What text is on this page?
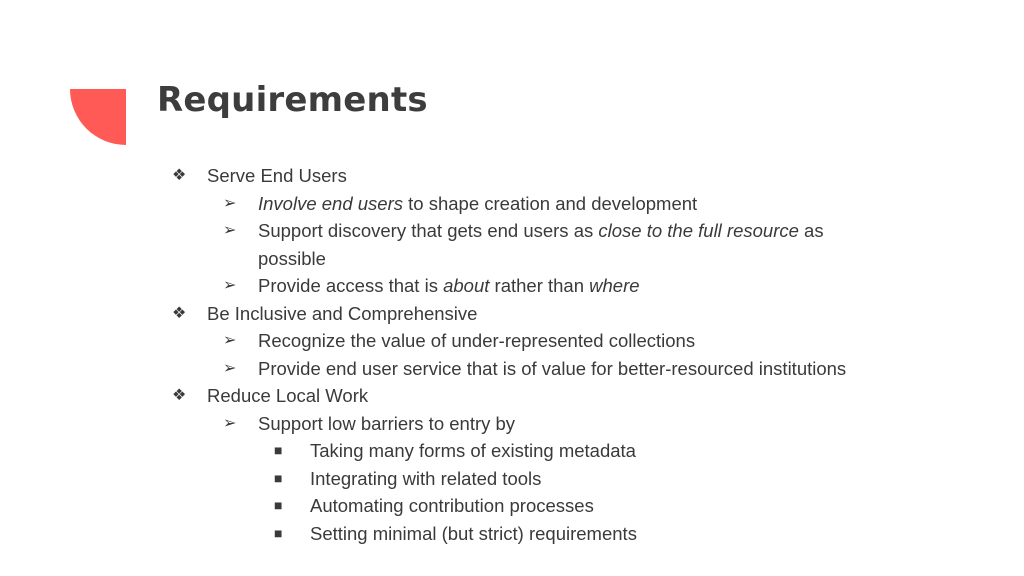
Requirements
❖ Serve End Users
➢ Involve end users to shape creation and development
➢ Support discovery that gets end users as close to the full resource as
possible
➢ Provide access that is about rather than where
❖ Be Inclusive and Comprehensive
➢ Recognize the value of under-represented collections
➢ Provide end user service that is of value for better-resourced institutions
❖ Reduce Local Work
➢ Support low barriers to entry by
■ Taking many forms of existing metadata
■ Integrating with related tools
■ Automating contribution processes
■ Setting minimal (but strict) requirements
